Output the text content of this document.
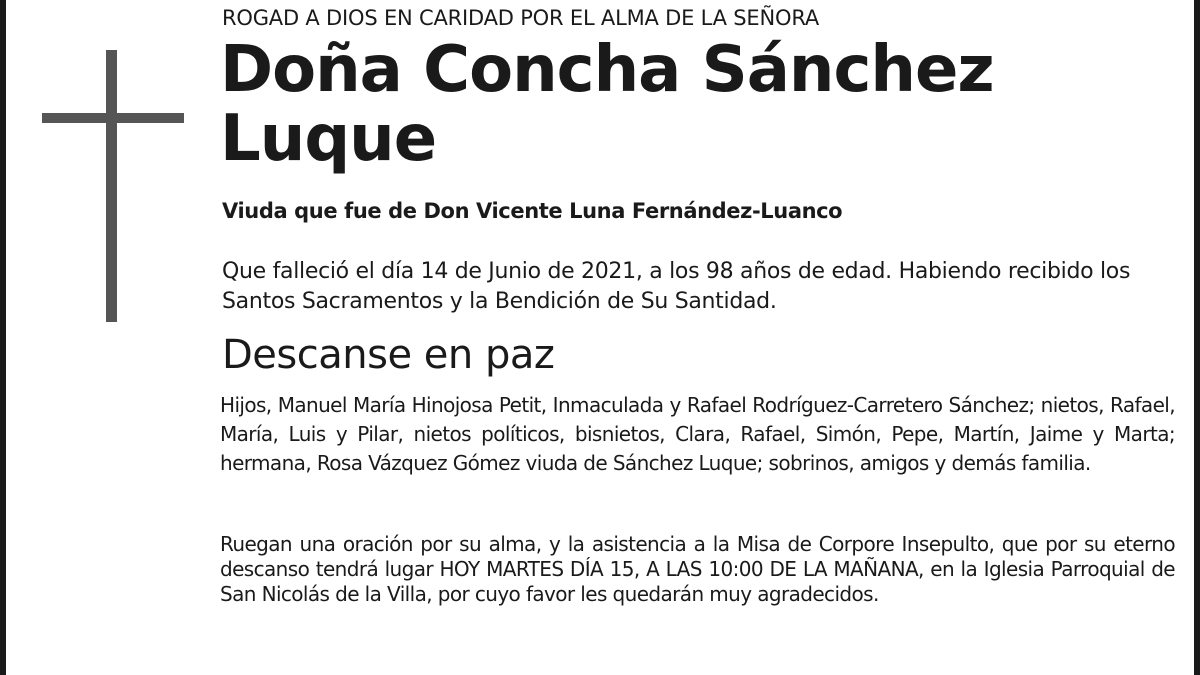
ROGAD A DIOS EN CARIDAD POR EL ALMA DE LA SEÑORA
Doña Concha Sánchez Luque
Viuda que fue de Don Vicente Luna Fernández-Luanco
Que falleció el día 14 de Junio de 2021, a los 98 años de edad. Habiendo recibido los Santos Sacramentos y la Bendición de Su Santidad.
Descanse en paz
Hijos, Manuel María Hinojosa Petit, Inmaculada y Rafael Rodríguez-Carretero Sánchez; nietos, Rafael, María, Luis y Pilar, nietos políticos, bisnietos, Clara, Rafael, Simón, Pepe, Martín, Jaime y Marta; hermana, Rosa Vázquez Gómez viuda de Sánchez Luque; sobrinos, amigos y demás familia.
Ruegan una oración por su alma, y la asistencia a la Misa de Corpore Insepulto, que por su eterno descanso tendrá lugar HOY MARTES DÍA 15, A LAS 10:00 DE LA MAÑANA, en la Iglesia Parroquial de San Nicolás de la Villa, por cuyo favor les quedarán muy agradecidos.
